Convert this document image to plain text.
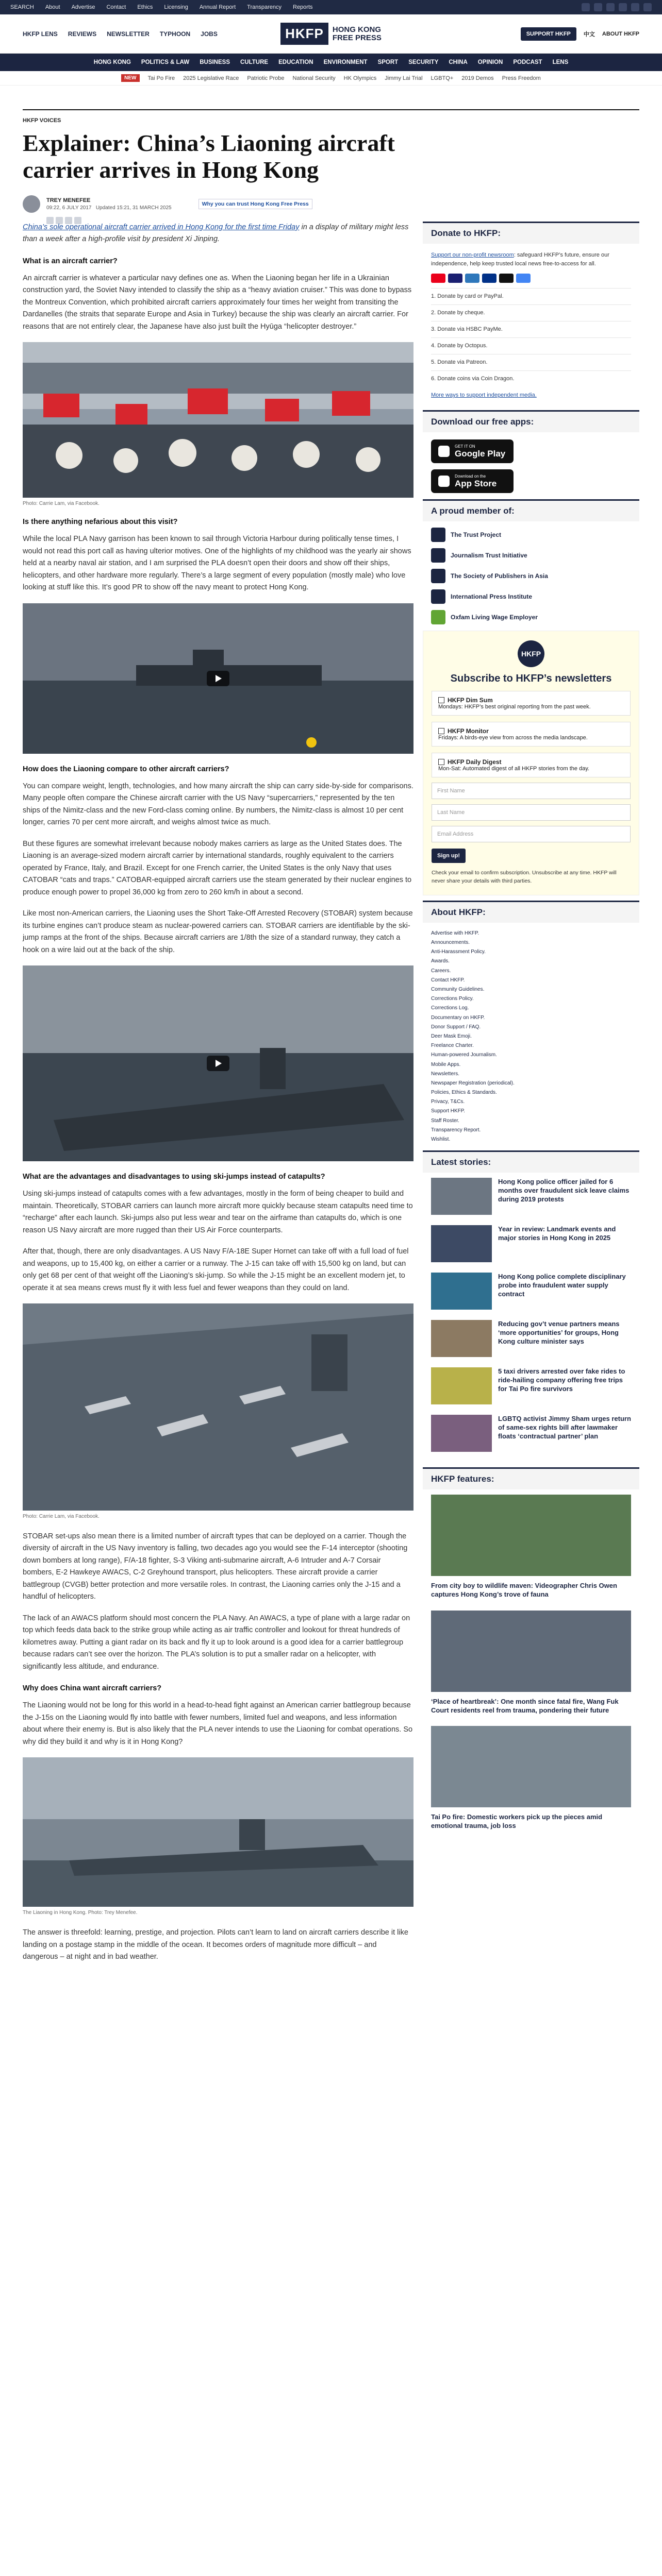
SEARCH About Advertise Contact Ethics Licensing Annual Report Transparency Reports
HKFP LENS REVIEWS NEWSLETTER TYPHOON JOBS	HKFP	HONG KONG
FREE PRESS	SUPPORT HKFP	中文 ABOUT HKFP
HONG KONG POLITICS & LAW BUSINESS CULTURE EDUCATION ENVIRONMENT SPORT SECURITY CHINA OPINION PODCAST LENS
NEW	Tai Po Fire 2025 Legislative Race Patriotic Probe National Security HK Olympics Jimmy Lai Trial LGBTQ+ 2019 Demos Press Freedom
HKFP VOICES
Explainer: China’s Liaoning aircraft carrier arrives in Hong Kong
TREY MENEFEE
09:22, 6 JULY 2017 Updated 15:21, 31 MARCH 2025
Why you can trust Hong Kong Free Press

China’s sole operational aircraft carrier arrived in Hong Kong for the first time Friday in a display of military might less than a week after a high-profile visit by president Xi Jinping.

What is an aircraft carrier?

An aircraft carrier is whatever a particular navy defines one as. When the Liaoning began her life in a Ukrainian construction yard, the Soviet Navy intended to classify the ship as a “heavy aviation cruiser.” This was done to bypass the Montreux Convention, which prohibited aircraft carriers approximately four times her weight from transiting the Dardanelles (the straits that separate Europe and Asia in Turkey) because the ship was clearly an aircraft carrier. For reasons that are not entirely clear, the Japanese have also just built the Hyūga “helicopter destroyer.”

Photo: Carrie Lam, via Facebook.
Is there anything nefarious about this visit?

While the local PLA Navy garrison has been known to sail through Victoria Harbour during politically tense times, I would not read this port call as having ulterior motives. One of the highlights of my childhood was the yearly air shows held at a nearby naval air station, and I am surprised the PLA doesn’t open their doors and show off their ships, helicopters, and other hardware more regularly. There’s a large segment of every population (mostly male) who love looking at stuff like this. It’s good PR to show off the navy meant to protect Hong Kong.

How does the Liaoning compare to other aircraft carriers?

You can compare weight, length, technologies, and how many aircraft the ship can carry side-by-side for comparisons. Many people often compare the Chinese aircraft carrier with the US Navy “supercarriers,” represented by the ten ships of the Nimitz-class and the new Ford-class coming online. By numbers, the Nimitz-class is almost 10 per cent longer, carries 70 per cent more aircraft, and weighs almost twice as much.

But these figures are somewhat irrelevant because nobody makes carriers as large as the United States does. The Liaoning is an average-sized modern aircraft carrier by international standards, roughly equivalent to the carriers operated by France, Italy, and Brazil. Except for one French carrier, the United States is the only Navy that uses CATOBAR “cats and traps.” CATOBAR-equipped aircraft carriers use the steam generated by their nuclear engines to produce enough power to propel 36,000 kg from zero to 260 km/h in about a second.

Like most non-American carriers, the Liaoning uses the Short Take-Off Arrested Recovery (STOBAR) system because its turbine engines can’t produce steam as nuclear-powered carriers can. STOBAR carriers are identifiable by the ski-jump ramps at the front of the ships. Because aircraft carriers are 1/8th the size of a standard runway, they catch a hook on a wire laid out at the back of the ship.

What are the advantages and disadvantages to using ski-jumps instead of catapults?

Using ski-jumps instead of catapults comes with a few advantages, mostly in the form of being cheaper to build and maintain. Theoretically, STOBAR carriers can launch more aircraft more quickly because steam catapults need time to “recharge” after each launch. Ski-jumps also put less wear and tear on the airframe than catapults do, which is one reason US Navy aircraft are more rugged than their US Air Force counterparts.

After that, though, there are only disadvantages. A US Navy F/A-18E Super Hornet can take off with a full load of fuel and weapons, up to 15,400 kg, on either a carrier or a runway. The J-15 can take off with 15,500 kg on land, but can only get 68 per cent of that weight off the Liaoning’s ski-jump. So while the J-15 might be an excellent modern jet, to operate it at sea means crews must fly it with less fuel and fewer weapons than they could on land.

Photo: Carrie Lam, via Facebook.

STOBAR set-ups also mean there is a limited number of aircraft types that can be deployed on a carrier. Though the diversity of aircraft in the US Navy inventory is falling, two decades ago you would see the F-14 interceptor (shooting down bombers at long range), F/A-18 fighter, S-3 Viking anti-submarine aircraft, A-6 Intruder and A-7 Corsair bombers, E-2 Hawkeye AWACS, C-2 Greyhound transport, plus helicopters. These aircraft provide a carrier battlegroup (CVGB) better protection and more versatile roles. In contrast, the Liaoning carries only the J-15 and a handful of helicopters.

The lack of an AWACS platform should most concern the PLA Navy. An AWACS, a type of plane with a large radar on top which feeds data back to the strike group while acting as air traffic controller and lookout for threat hundreds of kilometres away. Putting a giant radar on its back and fly it up to look around is a good idea for a carrier battlegroup because radars can’t see over the horizon. The PLA’s solution is to put a smaller radar on a helicopter, with significantly less altitude, and endurance.

Why does China want aircraft carriers?

The Liaoning would not be long for this world in a head-to-head fight against an American carrier battlegroup because the J-15s on the Liaoning would fly into battle with fewer numbers, limited fuel and weapons, and less information about where their enemy is. But is also likely that the PLA never intends to use the Liaoning for combat operations. So why did they build it and why is it in Hong Kong?

The Liaoning in Hong Kong. Photo: Trey Menefee.

The answer is threefold: learning, prestige, and projection. Pilots can’t learn to land on aircraft carriers describe it like landing on a postage stamp in the middle of the ocean. It becomes orders of magnitude more difficult – and dangerous – at night and in bad weather.

Donate to HKFP:
Support our non-profit newsroom: safeguard HKFP’s future, ensure our independence, help keep trusted local news free-to-access for all.
1. Donate by card or PayPal.
2. Donate by cheque.
3. Donate via HSBC PayMe.
4. Donate by Octopus.
5. Donate via Patreon.
6. Donate coins via Coin Dragon.
More ways to support independent media.
Download our free apps:
GET IT ON
Google Play
Download on the
App Store
A proud member of:
The Trust Project
Journalism Trust Initiative
The Society of Publishers in Asia
International Press Institute
Oxfam Living Wage Employer
HKFP
Subscribe to HKFP’s newsletters
HKFP Dim Sum
Mondays: HKFP’s best original reporting from the past week.
HKFP Monitor
Fridays: A birds-eye view from across the media landscape.
HKFP Daily Digest
Mon-Sat: Automated digest of all HKFP stories from the day.
First Name
Last Name
Email Address
Sign up!
Check your email to confirm subscription. Unsubscribe at any time. HKFP will never share your details with third parties.
About HKFP:
Advertise with HKFP.
Announcements.
Anti-Harassment Policy.
Awards.
Careers.
Contact HKFP.
Community Guidelines.
Corrections Policy.
Corrections Log.
Documentary on HKFP.
Donor Support / FAQ.
Deer Mask Emoji.
Freelance Charter.
Human-powered Journalism.
Mobile Apps.
Newsletters.
Newspaper Registration (periodical).
Policies, Ethics & Standards.
Privacy, T&Cs.
Support HKFP.
Staff Roster.
Transparency Report.
Wishlist.
Latest stories:
Hong Kong police officer jailed for 6 months over fraudulent sick leave claims during 2019 protests
Year in review: Landmark events and major stories in Hong Kong in 2025
Hong Kong police complete disciplinary probe into fraudulent water supply contract
Reducing gov’t venue partners means ‘more opportunities’ for groups, Hong Kong culture minister says
5 taxi drivers arrested over fake rides to ride-hailing company offering free trips for Tai Po fire survivors
LGBTQ activist Jimmy Sham urges return of same-sex rights bill after lawmaker floats ‘contractual partner’ plan
HKFP features:
From city boy to wildlife maven: Videographer Chris Owen captures Hong Kong’s trove of fauna
‘Place of heartbreak’: One month since fatal fire, Wang Fuk Court residents reel from trauma, pondering their future
Tai Po fire: Domestic workers pick up the pieces amid emotional trauma, job loss
